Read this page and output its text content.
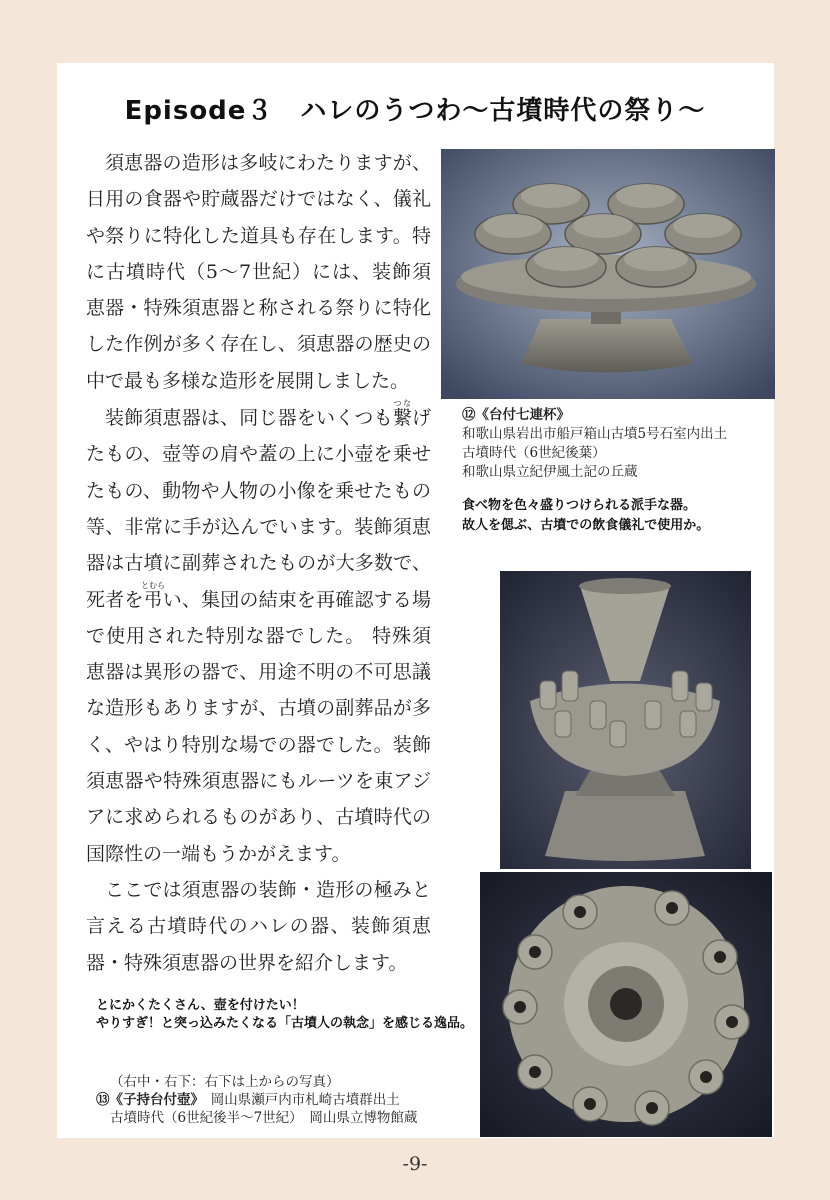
Episode３　ハレのうつわ～古墳時代の祭り～

須恵器の造形は多岐にわたりますが、日用の食器や貯蔵器だけではなく、儀礼や祭りに特化した道具も存在します。特に古墳時代（5～7世紀）には、装飾須恵器・特殊須恵器と称される祭りに特化した作例が多く存在し、須恵器の歴史の中で最も多様な造形を展開しました。

装飾須恵器は、同じ器をいくつも繋つなげたもの、壺等の肩や蓋の上に小壺を乗せたもの、動物や人物の小像を乗せたもの等、非常に手が込んでいます。装飾須恵器は古墳に副葬されたものが大多数で、死者を弔とむらい、集団の結束を再確認する場で使用された特別な器でした。 特殊須恵器は異形の器で、用途不明の不可思議な造形もありますが、古墳の副葬品が多く、やはり特別な場での器でした。装飾須恵器や特殊須恵器にもルーツを東アジアに求められるものがあり、古墳時代の国際性の一端もうかがえます。

ここでは須恵器の装飾・造形の極みと言える古墳時代のハレの器、装飾須恵器・特殊須恵器の世界を紹介します。

⑫《台付七連杯》
和歌山県岩出市船戸箱山古墳5号石室内出土
古墳時代（6世紀後葉）
和歌山県立紀伊風土記の丘蔵
食べ物を色々盛りつけられる派手な器。
故人を偲ぶ、古墳での飲食儀礼で使用か。
とにかくたくさん、壺を付けたい！
やりすぎ！と突っ込みたくなる「古墳人の執念」を感じる逸品。
（右中・右下：右下は上からの写真）
⑬《子持台付壺》　 岡山県瀬戸内市札崎古墳群出土
古墳時代（6世紀後半～7世紀）　岡山県立博物館蔵
-9-
